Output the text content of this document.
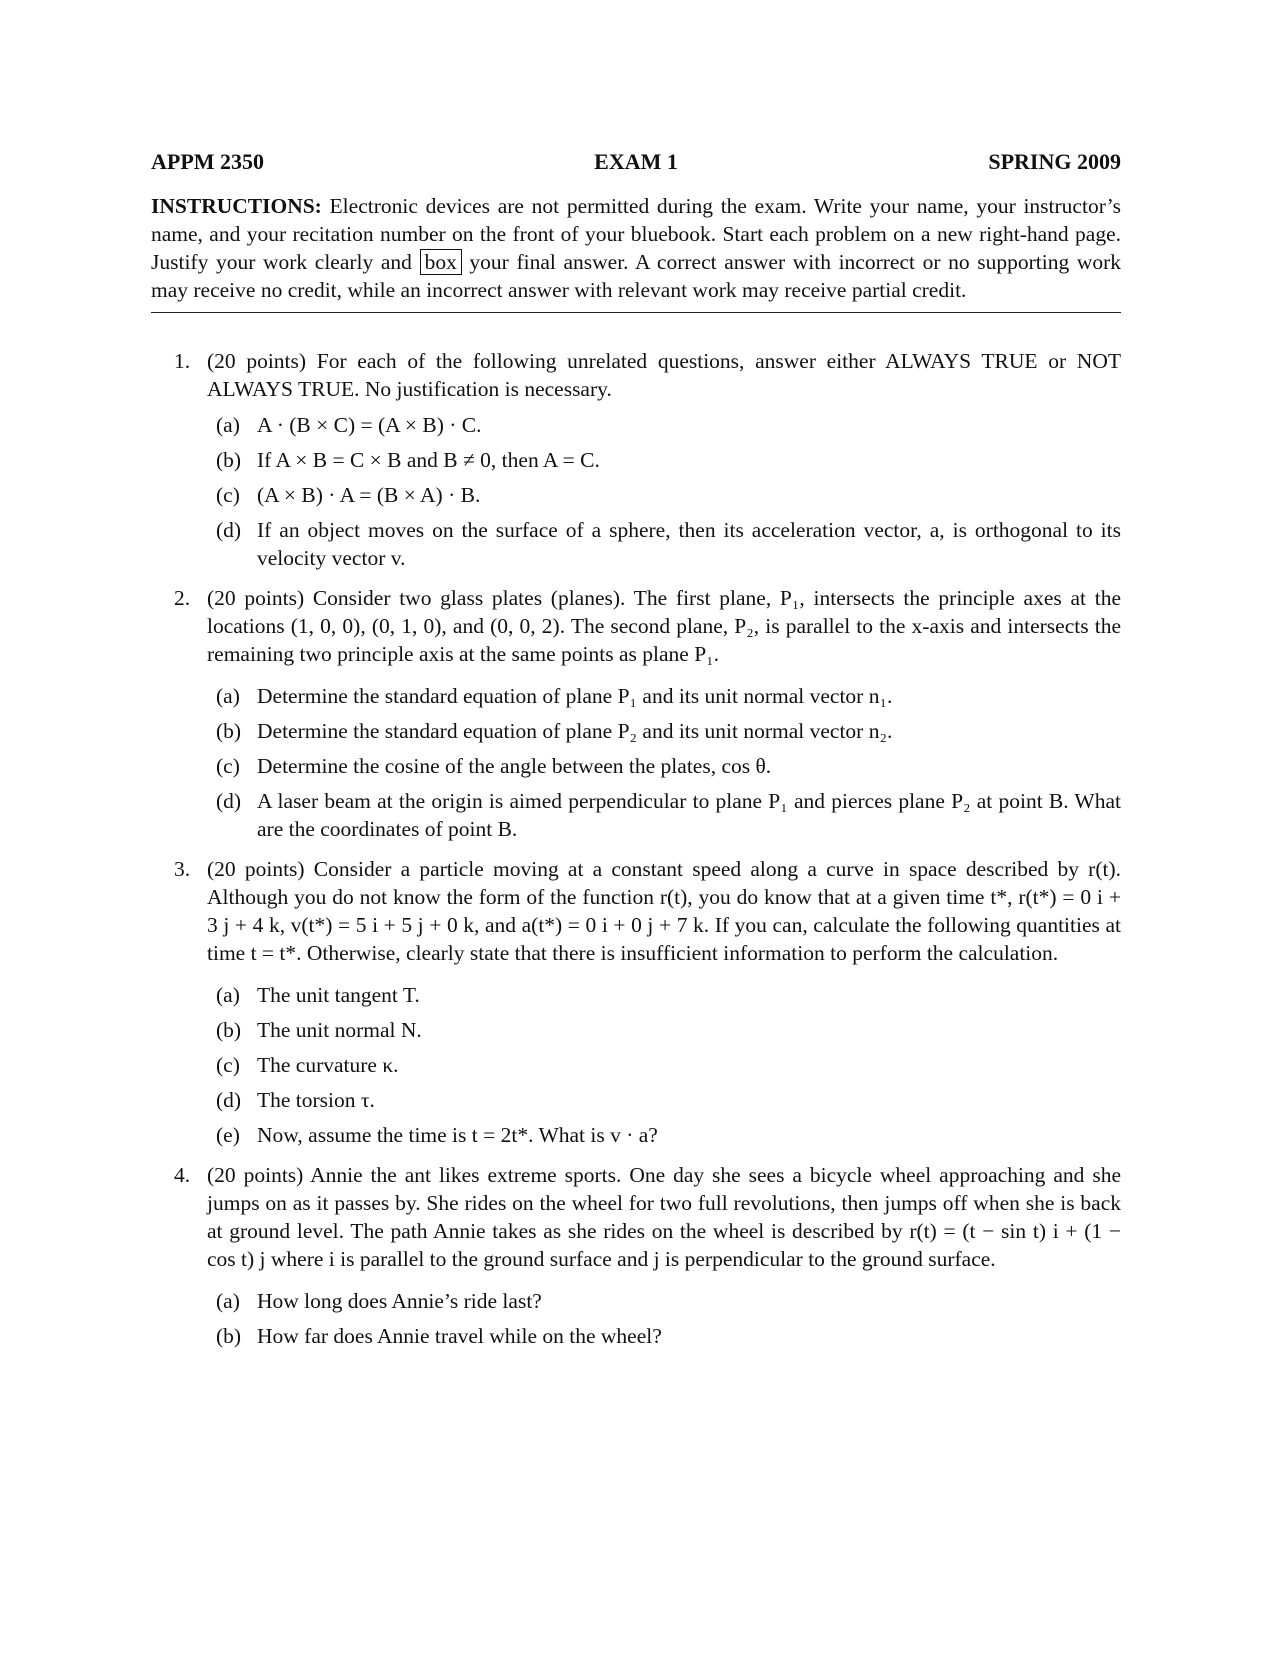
APPM 2350	EXAM 1	SPRING 2009
INSTRUCTIONS: Electronic devices are not permitted during the exam. Write your name, your instructor’s name, and your recitation number on the front of your bluebook. Start each problem on a new right-hand page. Justify your work clearly and box your final answer. A correct answer with incorrect or no supporting work may receive no credit, while an incorrect answer with relevant work may receive partial credit.
1. (20 points) For each of the following unrelated questions, answer either ALWAYS TRUE or NOT ALWAYS TRUE. No justification is necessary.
(a) A · (B × C) = (A × B) · C.
(b) If A × B = C × B and B ≠ 0, then A = C.
(c) (A × B) · A = (B × A) · B.
(d) If an object moves on the surface of a sphere, then its acceleration vector, a, is orthogonal to its velocity vector v.
2. (20 points) Consider two glass plates (planes). The first plane, P₁, intersects the principle axes at the locations (1, 0, 0), (0, 1, 0), and (0, 0, 2). The second plane, P₂, is parallel to the x-axis and intersects the remaining two principle axis at the same points as plane P₁.
(a) Determine the standard equation of plane P₁ and its unit normal vector n₁.
(b) Determine the standard equation of plane P₂ and its unit normal vector n₂.
(c) Determine the cosine of the angle between the plates, cos θ.
(d) A laser beam at the origin is aimed perpendicular to plane P₁ and pierces plane P₂ at point B. What are the coordinates of point B.
3. (20 points) Consider a particle moving at a constant speed along a curve in space described by r(t). Although you do not know the form of the function r(t), you do know that at a given time t*, r(t*) = 0 i + 3 j + 4 k, v(t*) = 5 i + 5 j + 0 k, and a(t*) = 0 i + 0 j + 7 k. If you can, calculate the following quantities at time t = t*. Otherwise, clearly state that there is insufficient information to perform the calculation.
(a) The unit tangent T.
(b) The unit normal N.
(c) The curvature κ.
(d) The torsion τ.
(e) Now, assume the time is t = 2t*. What is v · a?
4. (20 points) Annie the ant likes extreme sports. One day she sees a bicycle wheel approaching and she jumps on as it passes by. She rides on the wheel for two full revolutions, then jumps off when she is back at ground level. The path Annie takes as she rides on the wheel is described by r(t) = (t − sin t) i + (1 − cos t) j where i is parallel to the ground surface and j is perpendicular to the ground surface.
(a) How long does Annie’s ride last?
(b) How far does Annie travel while on the wheel?
